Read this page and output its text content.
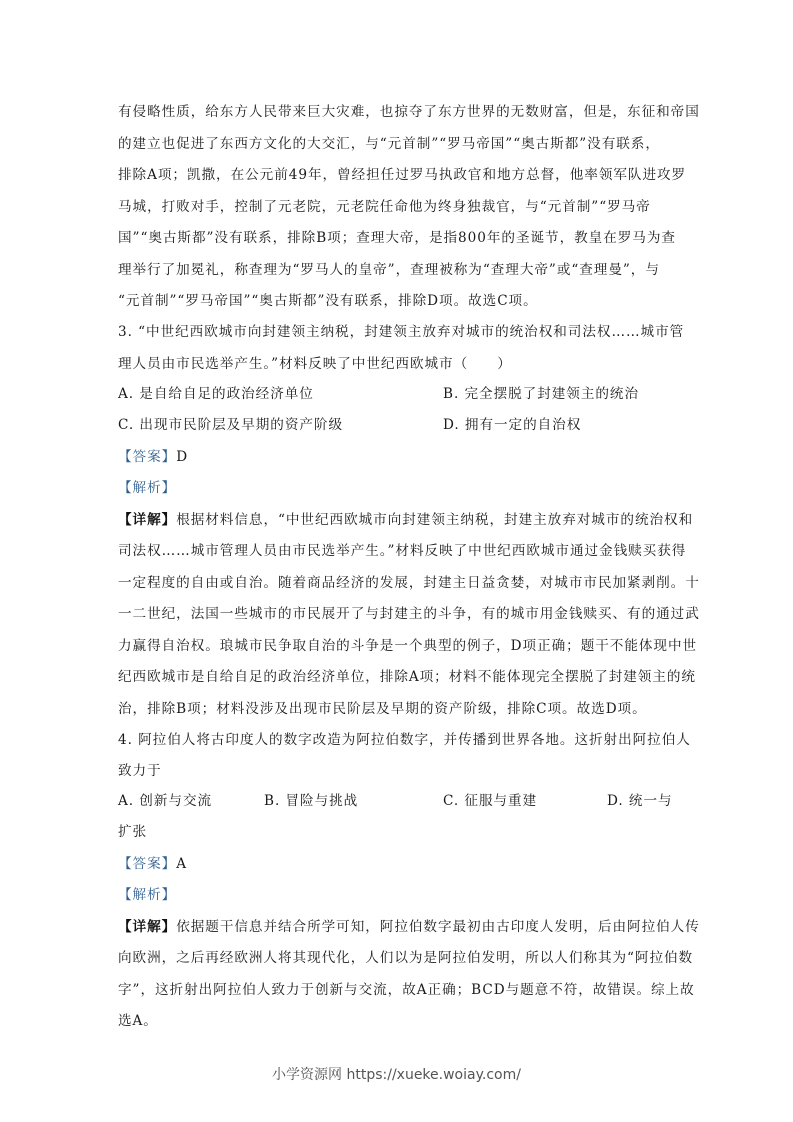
有侵略性质，给东方人民带来巨大灾难，也掠夺了东方世界的无数财富，但是，东征和帝国
的建立也促进了东西方文化的大交汇，与“元首制”“罗马帝国”“奥古斯都”没有联系，
排除A项；凯撒，在公元前49年，曾经担任过罗马执政官和地方总督，他率领军队进攻罗
马城，打败对手，控制了元老院，元老院任命他为终身独裁官，与“元首制”“罗马帝
国”“奥古斯都”没有联系，排除B项；查理大帝，是指800年的圣诞节，教皇在罗马为查
理举行了加冕礼，称查理为“罗马人的皇帝”，查理被称为“查理大帝”或“查理曼”，与
“元首制”“罗马帝国”“奥古斯都”没有联系，排除D项。故选C项。
3. “中世纪西欧城市向封建领主纳税，封建领主放弃对城市的统治权和司法权……城市管
理人员由市民选举产生。”材料反映了中世纪西欧城市（　　）
A. 是自给自足的政治经济单位	B. 完全摆脱了封建领主的统治
C. 出现市民阶层及早期的资产阶级	D. 拥有一定的自治权
【答案】D
【解析】
【详解】根据材料信息，“中世纪西欧城市向封建领主纳税，封建主放弃对城市的统治权和
司法权……城市管理人员由市民选举产生。”材料反映了中世纪西欧城市通过金钱赎买获得
一定程度的自由或自治。随着商品经济的发展，封建主日益贪婪，对城市市民加紧剥削。十
一二世纪，法国一些城市的市民展开了与封建主的斗争，有的城市用金钱赎买、有的通过武
力赢得自治权。琅城市民争取自治的斗争是一个典型的例子，D项正确；题干不能体现中世
纪西欧城市是自给自足的政治经济单位，排除A项；材料不能体现完全摆脱了封建领主的统
治，排除B项；材料没涉及出现市民阶层及早期的资产阶级，排除C项。故选D项。
4. 阿拉伯人将古印度人的数字改造为阿拉伯数字，并传播到世界各地。这折射出阿拉伯人
致力于
A. 创新与交流	B. 冒险与挑战	C. 征服与重建	D. 统一与
扩张
【答案】A
【解析】
【详解】依据题干信息并结合所学可知，阿拉伯数字最初由古印度人发明，后由阿拉伯人传
向欧洲，之后再经欧洲人将其现代化，人们以为是阿拉伯发明，所以人们称其为“阿拉伯数
字”，这折射出阿拉伯人致力于创新与交流，故A正确；BCD与题意不符，故错误。综上故
选A。
小学资源网 https://xueke.woiay.com/
